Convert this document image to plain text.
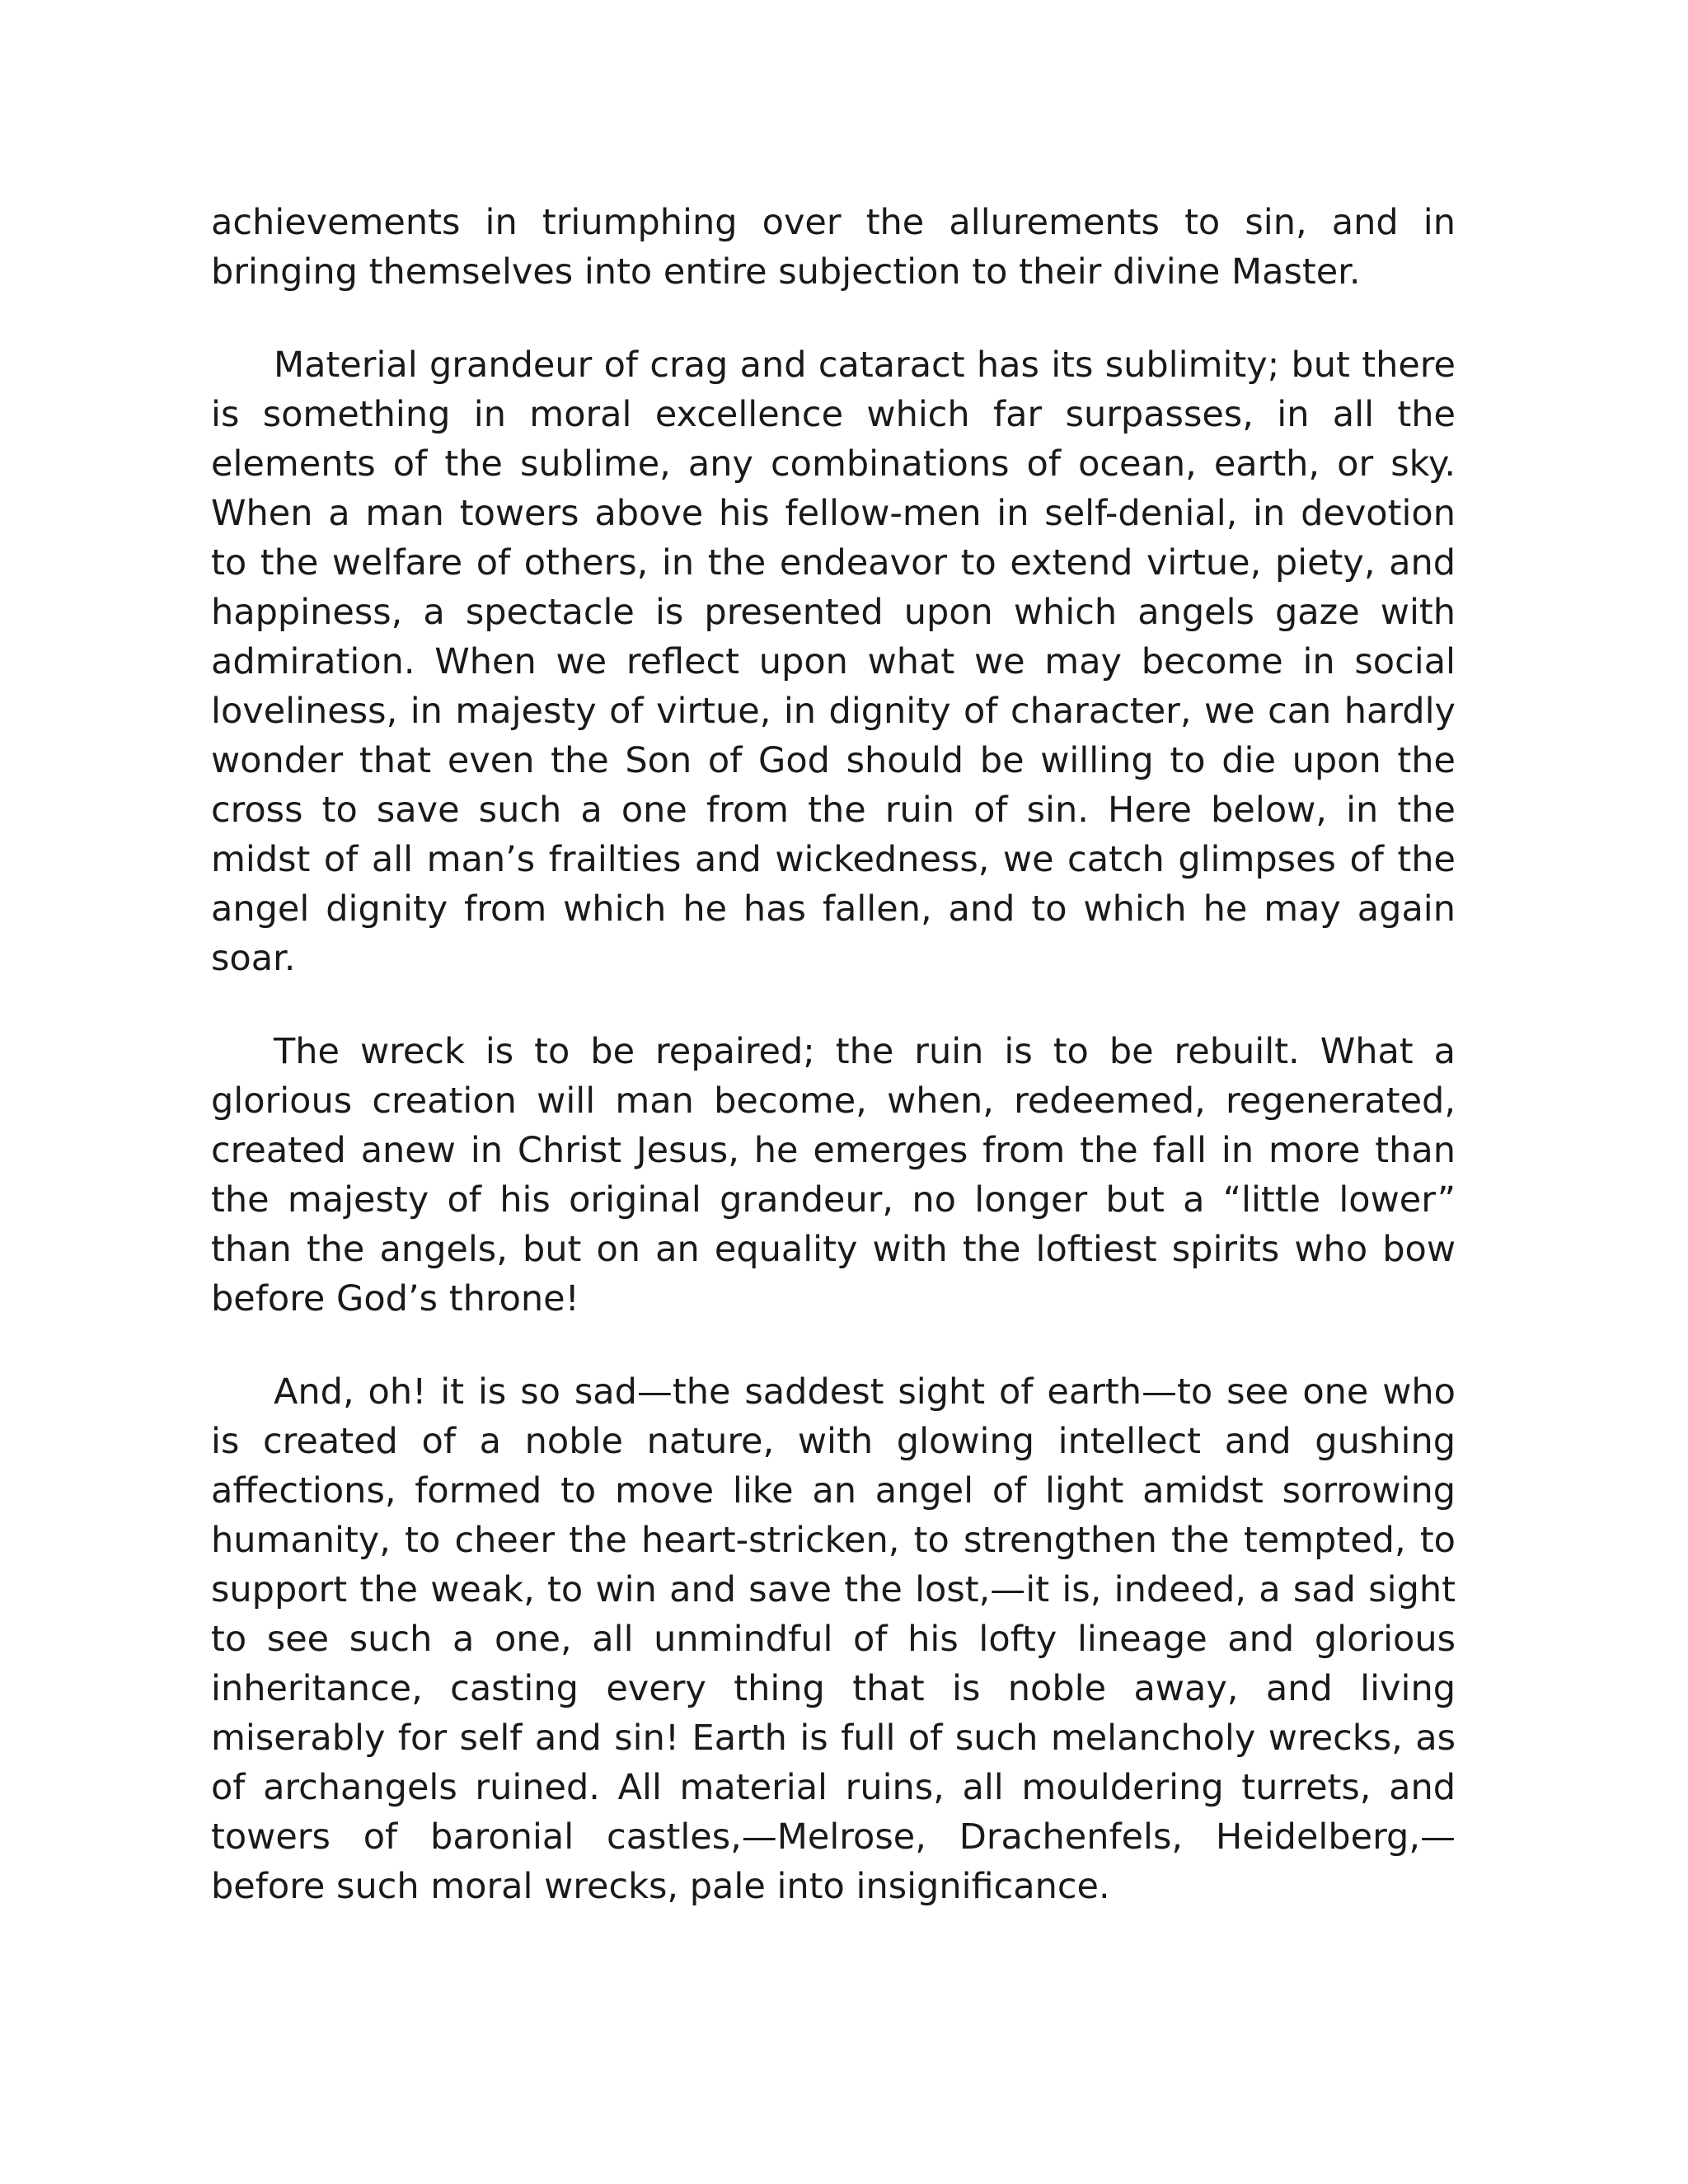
achievements in triumphing over the allurements to sin, and in bringing themselves into entire subjection to their divine Master.

Material grandeur of crag and cataract has its sublimity; but there is something in moral excellence which far surpasses, in all the elements of the sublime, any combinations of ocean, earth, or sky. When a man towers above his fellow-men in self-denial, in devotion to the welfare of others, in the endeavor to extend virtue, piety, and happiness, a spectacle is presented upon which angels gaze with admiration. When we reflect upon what we may become in social loveliness, in majesty of virtue, in dignity of character, we can hardly wonder that even the Son of God should be willing to die upon the cross to save such a one from the ruin of sin. Here below, in the midst of all man’s frailties and wickedness, we catch glimpses of the angel dignity from which he has fallen, and to which he may again soar.

The wreck is to be repaired; the ruin is to be rebuilt. What a glorious creation will man become, when, redeemed, regenerated, created anew in Christ Jesus, he emerges from the fall in more than the majesty of his original grandeur, no longer but a “little lower” than the angels, but on an equality with the loftiest spirits who bow before God’s throne!

And, oh! it is so sad—the saddest sight of earth—to see one who is created of a noble nature, with glowing intellect and gushing affections, formed to move like an angel of light amidst sorrowing humanity, to cheer the heart-stricken, to strengthen the tempted, to support the weak, to win and save the lost,—it is, indeed, a sad sight to see such a one, all unmindful of his lofty lineage and glorious inheritance, casting every thing that is noble away, and living miserably for self and sin! Earth is full of such melancholy wrecks, as of archangels ruined. All material ruins, all mouldering turrets, and towers of baronial castles,—Melrose, Drachenfels, Heidelberg,—before such moral wrecks, pale into insignificance.
